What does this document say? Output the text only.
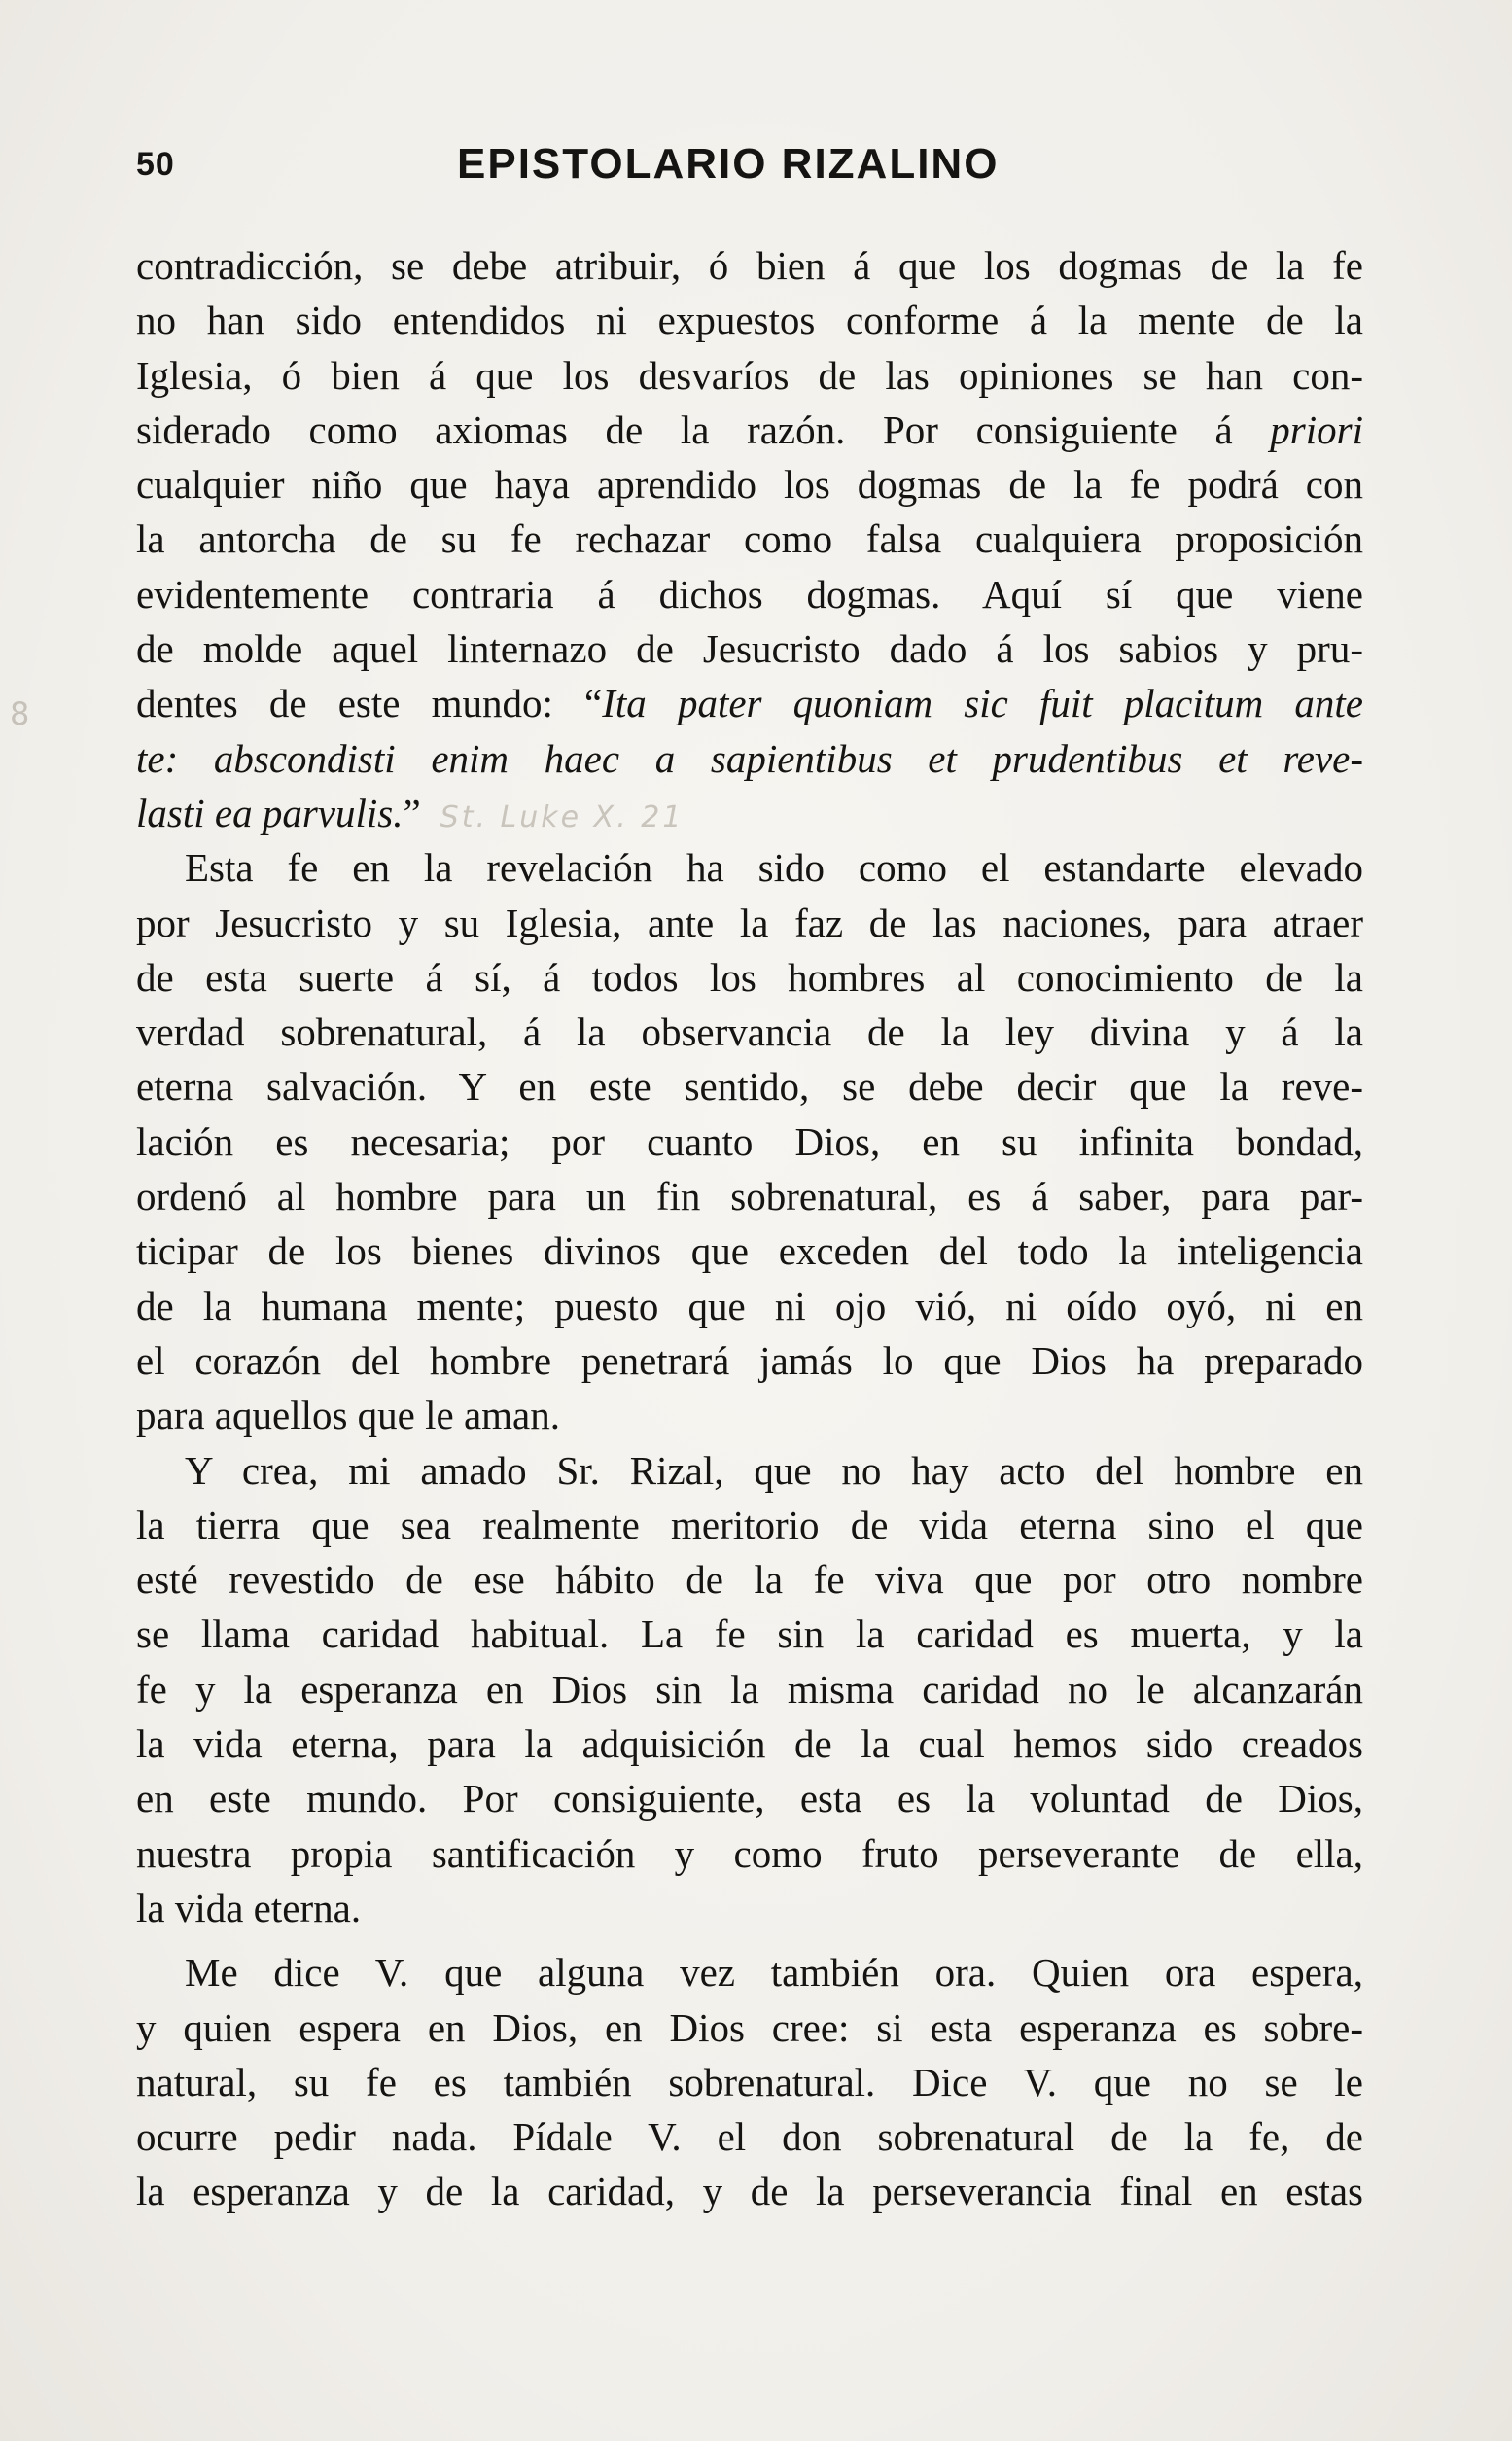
8
50	EPISTOLARIO RIZALINO
contradicción, se debe atribuir, ó bien á que los dogmas de la fe
no han sido entendidos ni expuestos conforme á la mente de la
Iglesia, ó bien á que los desvaríos de las opiniones se han con-
siderado como axiomas de la razón. Por consiguiente á priori
cualquier niño que haya aprendido los dogmas de la fe podrá con
la antorcha de su fe rechazar como falsa cualquiera proposición
evidentemente contraria á dichos dogmas. Aquí sí que viene
de molde aquel linternazo de Jesucristo dado á los sabios y pru-
dentes de este mundo: “Ita pater quoniam sic fuit placitum ante
te: abscondisti enim haec a sapientibus et prudentibus et reve-
lasti ea parvulis.” St. Luke X. 21
Esta fe en la revelación ha sido como el estandarte elevado
por Jesucristo y su Iglesia, ante la faz de las naciones, para atraer
de esta suerte á sí, á todos los hombres al conocimiento de la
verdad sobrenatural, á la observancia de la ley divina y á la
eterna salvación. Y en este sentido, se debe decir que la reve-
lación es necesaria; por cuanto Dios, en su infinita bondad,
ordenó al hombre para un fin sobrenatural, es á saber, para par-
ticipar de los bienes divinos que exceden del todo la inteligencia
de la humana mente; puesto que ni ojo vió, ni oído oyó, ni en
el corazón del hombre penetrará jamás lo que Dios ha preparado
para aquellos que le aman.
Y crea, mi amado Sr. Rizal, que no hay acto del hombre en
la tierra que sea realmente meritorio de vida eterna sino el que
esté revestido de ese hábito de la fe viva que por otro nombre
se llama caridad habitual. La fe sin la caridad es muerta, y la
fe y la esperanza en Dios sin la misma caridad no le alcanzarán
la vida eterna, para la adquisición de la cual hemos sido creados
en este mundo. Por consiguiente, esta es la voluntad de Dios,
nuestra propia santificación y como fruto perseverante de ella,
la vida eterna.
Me dice V. que alguna vez también ora. Quien ora espera,
y quien espera en Dios, en Dios cree: si esta esperanza es sobre-
natural, su fe es también sobrenatural. Dice V. que no se le
ocurre pedir nada. Pídale V. el don sobrenatural de la fe, de
la esperanza y de la caridad, y de la perseverancia final en estas
